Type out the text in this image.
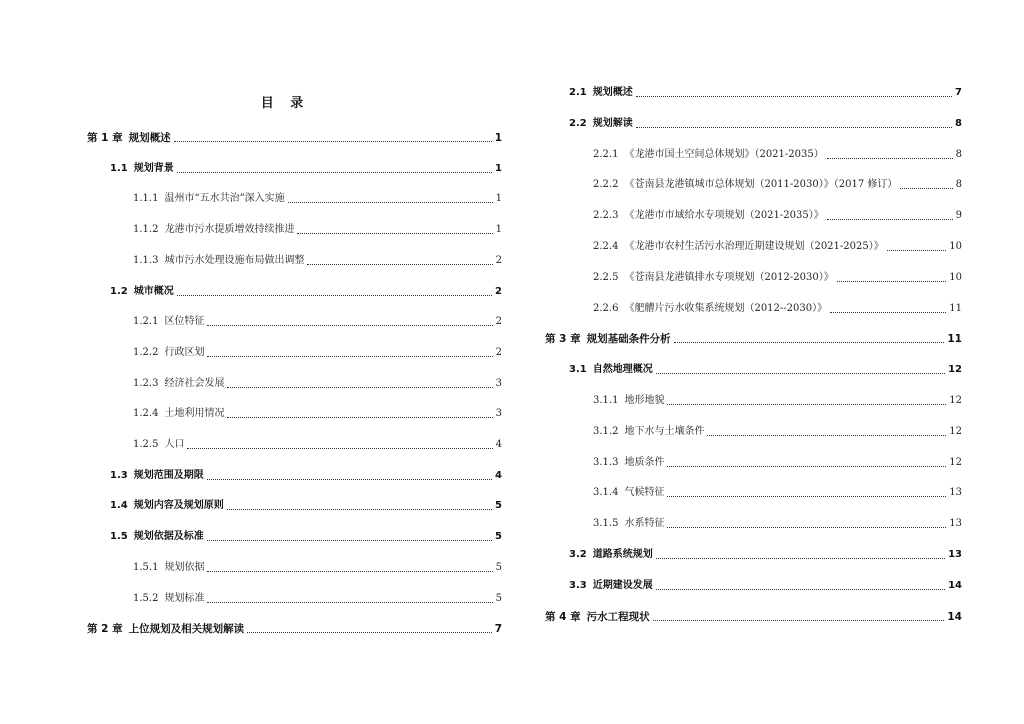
目 录
第 1 章 规划概述	1
1.1 规划背景	1
1.1.1 温州市“五水共治”深入实施	1
1.1.2 龙港市污水提质增效持续推进	1
1.1.3 城市污水处理设施布局做出调整	2
1.2 城市概况	2
1.2.1 区位特征	2
1.2.2 行政区划	2
1.2.3 经济社会发展	3
1.2.4 土地利用情况	3
1.2.5 人口	4
1.3 规划范围及期限	4
1.4 规划内容及规划原则	5
1.5 规划依据及标准	5
1.5.1 规划依据	5
1.5.2 规划标准	5
第 2 章 上位规划及相关规划解读	7
2.1 规划概述	7
2.2 规划解读	8
2.2.1 《龙港市国土空间总体规划》（2021-2035）	8
2.2.2 《苍南县龙港镇城市总体规划（2011-2030）》（2017 修订）	8
2.2.3 《龙港市市域给水专项规划（2021-2035）》	9
2.2.4 《龙港市农村生活污水治理近期建设规划（2021-2025）》	10
2.2.5 《苍南县龙港镇排水专项规划（2012-2030）》	10
2.2.6 《舥艚片污水收集系统规划（2012--2030）》	11
第 3 章 规划基础条件分析	11
3.1 自然地理概况	12
3.1.1 地形地貌	12
3.1.2 地下水与土壤条件	12
3.1.3 地质条件	12
3.1.4 气候特征	13
3.1.5 水系特征	13
3.2 道路系统规划	13
3.3 近期建设发展	14
第 4 章 污水工程现状	14
